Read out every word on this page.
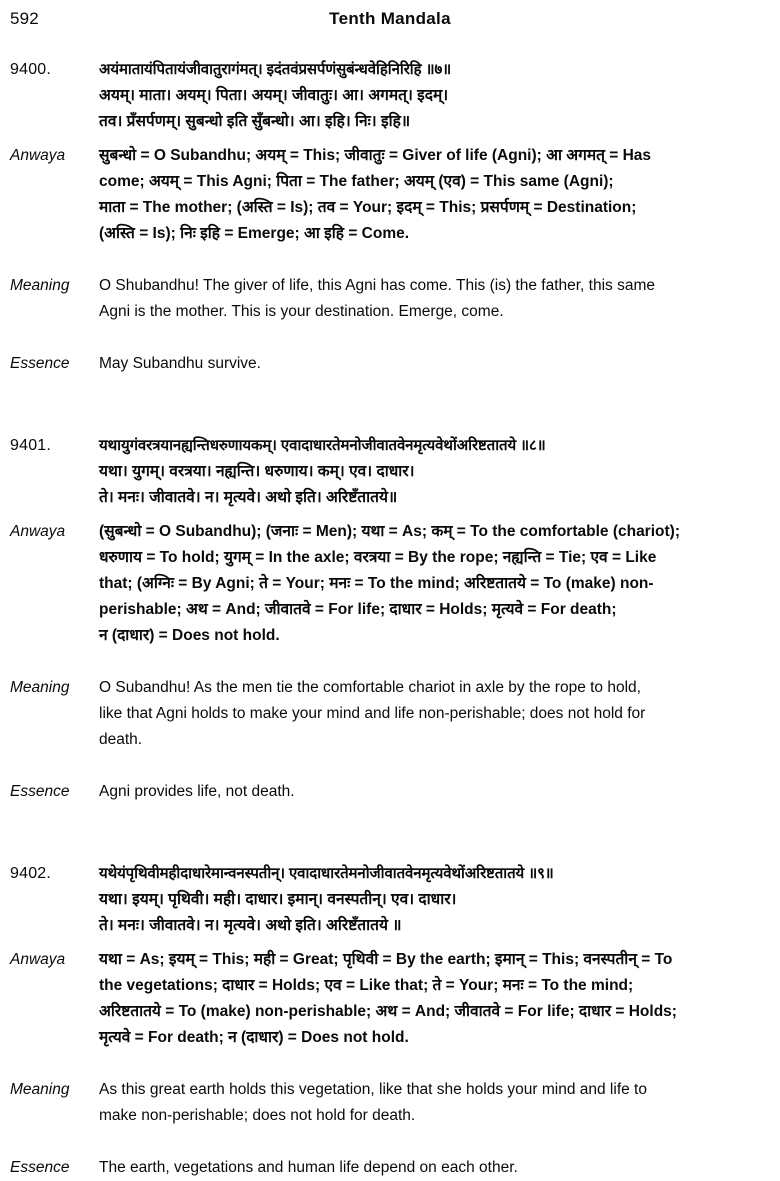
592	Tenth Mandala
9400.	अयंमातायंपितायंजीवातुरागंमत्। इदंतवंप्रसर्पणंसुबंन्धवेहिनिरिहि ॥७॥
अयम्। माता। अयम्। पिता। अयम्। जीवातुः। आ। अगमत्। इदम्।
तव। प्र‌ँसर्पणम्। सुबन्धो इति सु‌ँबन्धो। आ। इहि। निः। इहि॥
Anwaya	सुबन्धो = O Subandhu; अयम् = This; जीवातुः = Giver of life (Agni); आ अगमत् = Has
come; अयम् = This Agni; पिता = The father; अयम् (एव) = This same (Agni);
माता = The mother; (अस्ति = Is); तव = Your; इदम् = This; प्रसर्पणम् = Destination;
(अस्ति = Is); निः इहि = Emerge; आ इहि = Come.
Meaning	O Shubandhu! The giver of life, this Agni has come. This (is) the father, this same
Agni is the mother. This is your destination. Emerge, come.
Essence	May Subandhu survive.
9401.	यथायुगंवरत्रयानह्यन्तिधरुणायकम्। एवादाधारतेमनोजीवातवेनमृत्यवेथोंअरिष्टतातये ॥८॥
यथा। युगम्। वरत्रया। नह्यन्ति। धरुणाय। कम्। एव। दाधार।
ते। मनः। जीवातवे। न। मृत्यवे। अथो इति। अरिष्ट‌ँतातये॥
Anwaya	(सुबन्धो = O Subandhu); (जनाः = Men); यथा = As; कम् = To the comfortable (chariot);
धरुणाय = To hold; युगम् = In the axle; वरत्रया = By the rope; नह्यन्ति = Tie; एव = Like
that; (अग्निः = By Agni; ते = Your; मनः = To the mind; अरिष्टतातये = To (make) non-
perishable; अथ = And; जीवातवे = For life; दाधार = Holds; मृत्यवे = For death;
न (दाधार) = Does not hold.
Meaning	O Subandhu! As the men tie the comfortable chariot in axle by the rope to hold,
like that Agni holds to make your mind and life non-perishable; does not hold for
death.
Essence	Agni provides life, not death.
9402.	यथेयंपृथिवीमहीदाधारेमान्वनस्पतीन्। एवादाधारतेमनोजीवातवेनमृत्यवेथोंअरिष्टतातये ॥९॥
यथा। इयम्। पृथिवी। मही। दाधार। इमान्। वनस्पतीन्। एव। दाधार।
ते। मनः। जीवातवे। न। मृत्यवे। अथो इति। अरिष्ट‌ँतातये ॥
Anwaya	यथा = As; इयम् = This; मही = Great; पृथिवी = By the earth; इमान् = This; वनस्पतीन् = To
the vegetations; दाधार = Holds; एव = Like that; ते = Your; मनः = To the mind;
अरिष्टतातये = To (make) non-perishable; अथ = And; जीवातवे = For life; दाधार = Holds;
मृत्यवे = For death; न (दाधार) = Does not hold.
Meaning	As this great earth holds this vegetation, like that she holds your mind and life to
make non-perishable; does not hold for death.
Essence	The earth, vegetations and human life depend on each other.
